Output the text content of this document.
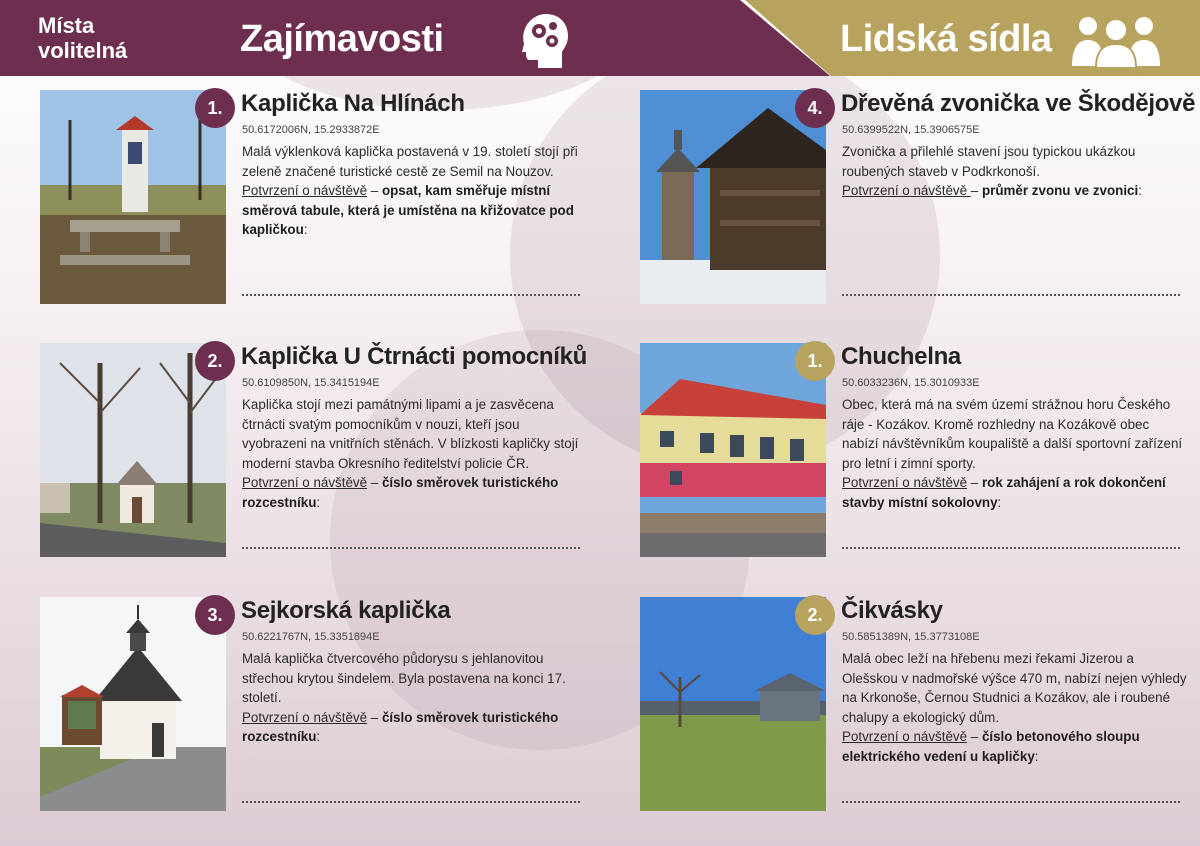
Místa
volitelná	Zajímavosti	Lidská sídla
1. Kaplička Na Hlínách
50.6172006N, 15.2933872E
Malá výklenková kaplička postavená v 19. století stojí při zeleně značené turistické cestě ze Semil na Nouzov.
Potvrzení o návštěvě – opsat, kam směřuje místní směrová tabule, která je umístěna na křižovatce pod kapličkou:
2. Kaplička U Čtrnácti pomocníků
50.6109850N, 15.3415194E
Kaplička stojí mezi památnými lipami a je zasvěcena čtrnácti svatým pomocníkům v nouzi, kteří jsou vyobrazeni na vnitřních stěnách. V blízkosti kapličky stojí moderní stavba Okresního ředitelství policie ČR.
Potvrzení o návštěvě – číslo směrovek turistického rozcestníku:
3. Sejkorská kaplička
50.6221767N, 15.3351894E
Malá kaplička čtvercového půdorysu s jehlanovitou střechou krytou šindelem. Byla postavena na konci 17. století.
Potvrzení o návštěvě – číslo směrovek turistického rozcestníku:
4. Dřevěná zvonička ve Škodějově
50.6399522N, 15.3906575E
Zvonička a přilehlé stavení jsou typickou ukázkou roubených staveb v Podkrkonoší.
Potvrzení o návštěvě – průměr zvonu ve zvonici:
1. Chuchelna
50.6033236N, 15.3010933E
Obec, která má na svém území strážnou horu Českého ráje - Kozákov. Kromě rozhledny na Kozákově obec nabízí návštěvníkům koupaliště a další sportovní zařízení pro letní i zimní sporty.
Potvrzení o návštěvě – rok zahájení a rok dokončení stavby místní sokolovny:
2. Čikvásky
50.5851389N, 15.3773108E
Malá obec leží na hřebenu mezi řekami Jizerou a Olešskou v nadmořské výšce 470 m, nabízí nejen výhledy na Krkonoše, Černou Studnici a Kozákov, ale i roubené chalupy a ekologický dům.
Potvrzení o návštěvě – číslo betonového sloupu elektrického vedení u kapličky:
